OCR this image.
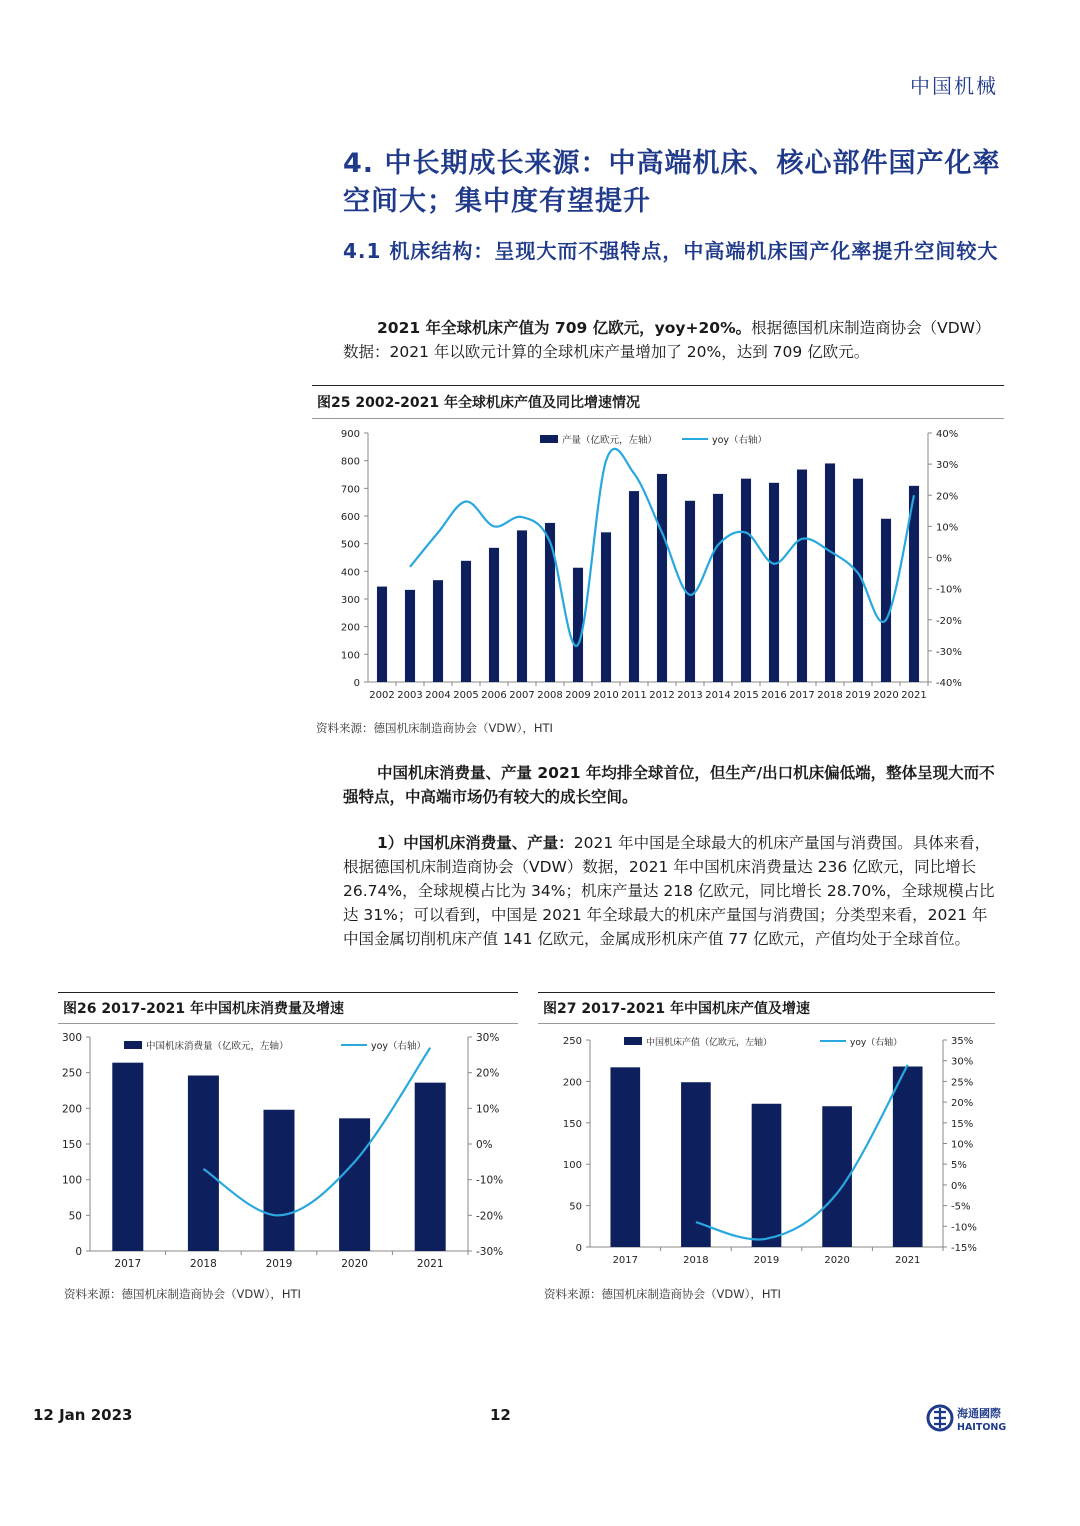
中国机械
4. 中长期成长来源：中高端机床、核心部件国产化率空间大；集中度有望提升
4.1 机床结构：呈现大而不强特点，中高端机床国产化率提升空间较大
2021 年全球机床产值为 709 亿欧元，yoy+20%。根据德国机床制造商协会（VDW）数据：2021 年以欧元计算的全球机床产量增加了 20%，达到 709 亿欧元。
图25 2002-2021 年全球机床产值及同比增速情况
0
100
200
300
400
500
600
700
800
900
-40%
-30%
-20%
-10%
0%
10%
20%
30%
40%
2002 2003 2004 2005 2006 2007 2008 2009 2010 2011 2012 2013 2014 2015 2016 2017 2018 2019 2020 2021
产量（亿欧元，左轴）	yoy（右轴）
资料来源：德国机床制造商协会（VDW），HTI
中国机床消费量、产量 2021 年均排全球首位，但生产/出口机床偏低端，整体呈现大而不强特点，中高端市场仍有较大的成长空间。
1）中国机床消费量、产量：2021 年中国是全球最大的机床产量国与消费国。具体来看，根据德国机床制造商协会（VDW）数据，2021 年中国机床消费量达 236 亿欧元，同比增长 26.74%，全球规模占比为 34%；机床产量达 218 亿欧元，同比增长 28.70%，全球规模占比达 31%；可以看到，中国是 2021 年全球最大的机床产量国与消费国；分类型来看，2021 年中国金属切削机床产值 141 亿欧元，金属成形机床产值 77 亿欧元，产值均处于全球首位。
图26 2017-2021 年中国机床消费量及增速
0
50
100
150
200
250
300
-30%
-20%
-10%
0%
10%
20%
30%
2017	2018	2019	2020	2021
中国机床消费量（亿欧元，左轴）	yoy（右轴）
资料来源：德国机床制造商协会（VDW），HTI
图27 2017-2021 年中国机床产值及增速
0
50
100
150
200
250
-15%
-10%
-5%
0%
5%
10%
15%
20%
25%
30%
35%
2017	2018	2019	2020	2021
中国机床产值（亿欧元，左轴）	yoy（右轴）
资料来源：德国机床制造商协会（VDW），HTI
12 Jan 2023	12	海通國際
HAITONG
